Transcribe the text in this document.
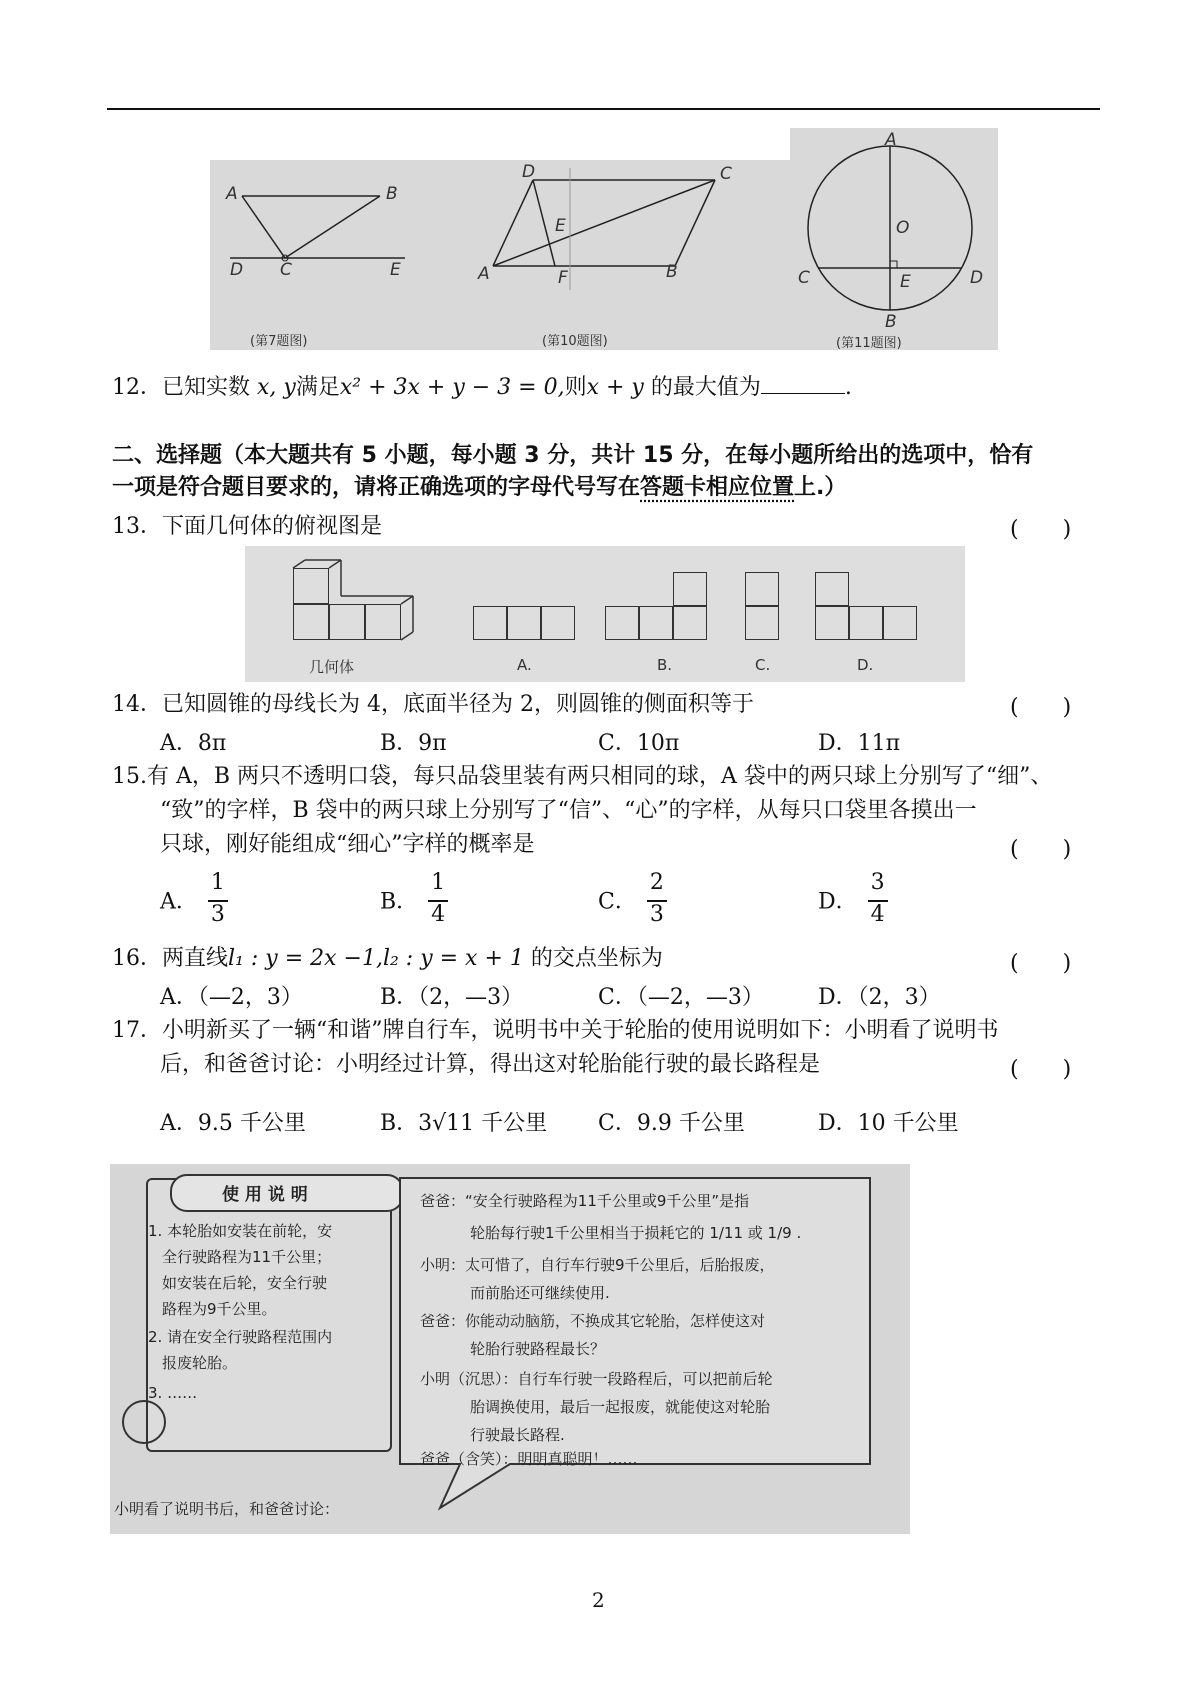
A	B
D C	E
(第7题图)
D	C
E
A	F	B
(第10题图)
A
O
C	E	D
B
(第11题图)
12．已知实数 x, y满足x² + 3x + y − 3 = 0,则x + y 的最大值为	.
二、选择题（本大题共有 5 小题，每小题 3 分，共计 15 分，在每小题所给出的选项中，恰有
一项是符合题目要求的，请将正确选项的字母代号写在答题卡相应位置上.）
13．下面几何体的俯视图是	(　　)
几何体	A.	B.	C.	D.
14．已知圆锥的母线长为 4，底面半径为 2，则圆锥的侧面积等于	(　　)
A．8π	B．9π	C．10π	D．11π
15.有 A，B 两只不透明口袋，每只品袋里装有两只相同的球，A 袋中的两只球上分别写了“细”、
“致”的字样，B 袋中的两只球上分别写了“信”、“心”的字样，从每只口袋里各摸出一
只球，刚好能组成“细心”字样的概率是	(　　)
A． $\frac{1}{3}$	B． $\frac{1}{4}$	C． $\frac{2}{3}$	D． $\frac{3}{4}$
16．两直线l₁ : y = 2x −1,l₂ : y = x + 1 的交点坐标为	(　　)
A．（—2，3）	B．（2，—3）	C．（—2，—3） D．（2，3）
17．小明新买了一辆“和谐”牌自行车，说明书中关于轮胎的使用说明如下：小明看了说明书
后，和爸爸讨论：小明经过计算，得出这对轮胎能行驶的最长路程是	(　　)
A．9.5 千公里	B．3√11 千公里 C．9.9 千公里	D．10 千公里
使 用 说 明
1. 本轮胎如安装在前轮，安
全行驶路程为11千公里；
如安装在后轮，安全行驶
路程为9千公里。
2. 请在安全行驶路程范围内
报废轮胎。
3. ……
爸爸：“安全行驶路程为11千公里或9千公里”是指
轮胎每行驶1千公里相当于损耗它的 1/11 或 1/9 .
小明：太可惜了，自行车行驶9千公里后，后胎报废，
而前胎还可继续使用.
爸爸：你能动动脑筋，不换成其它轮胎，怎样使这对
轮胎行驶路程最长？
小明（沉思）：自行车行驶一段路程后，可以把前后轮
胎调换使用，最后一起报废，就能使这对轮胎
行驶最长路程.
爸爸（含笑）：明明真聪明！……
小明看了说明书后，和爸爸讨论：
2
